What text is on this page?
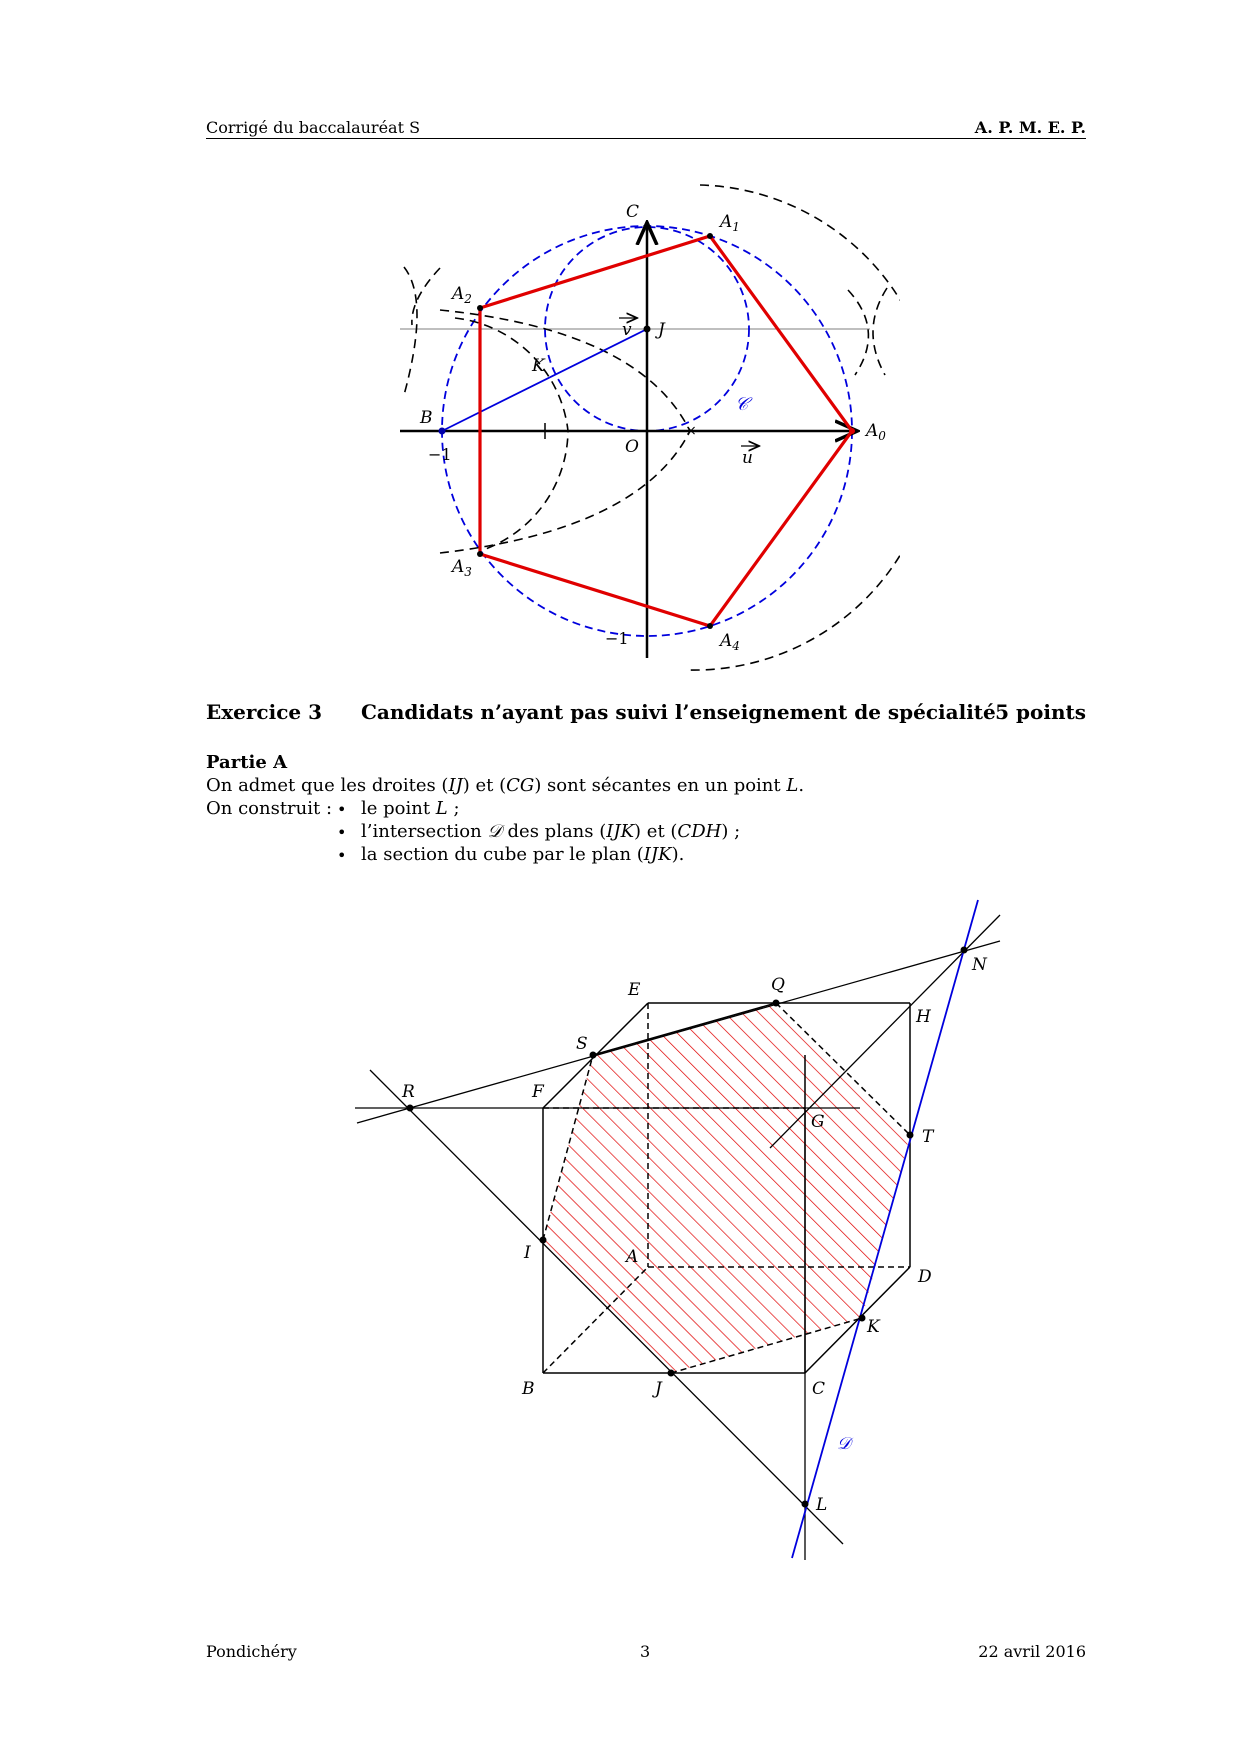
Corrigé du baccalauréat S	A. P. M. E. P.
×
C	$A_1$
$A_2$
$A_0$
$A_3$
$A_4$
v J
K
B
O
u
−1
−1
𝒞
Exercice 3 Candidats n’ayant pas suivi l’enseignement de spécialité 5 points
Partie A
On admet que les droites (IJ) et (CG) sont sécantes en un point L.
On construit : • le point L ;
• l’intersection 𝒟 des plans (IJK) et (CDH) ;
• la section du cube par le plan (IJK).
N
E	Q
H
S
R	F
G
T
I	A
D
K
B	J	C
𝒟
L
Pondichéry	3	22 avril 2016
